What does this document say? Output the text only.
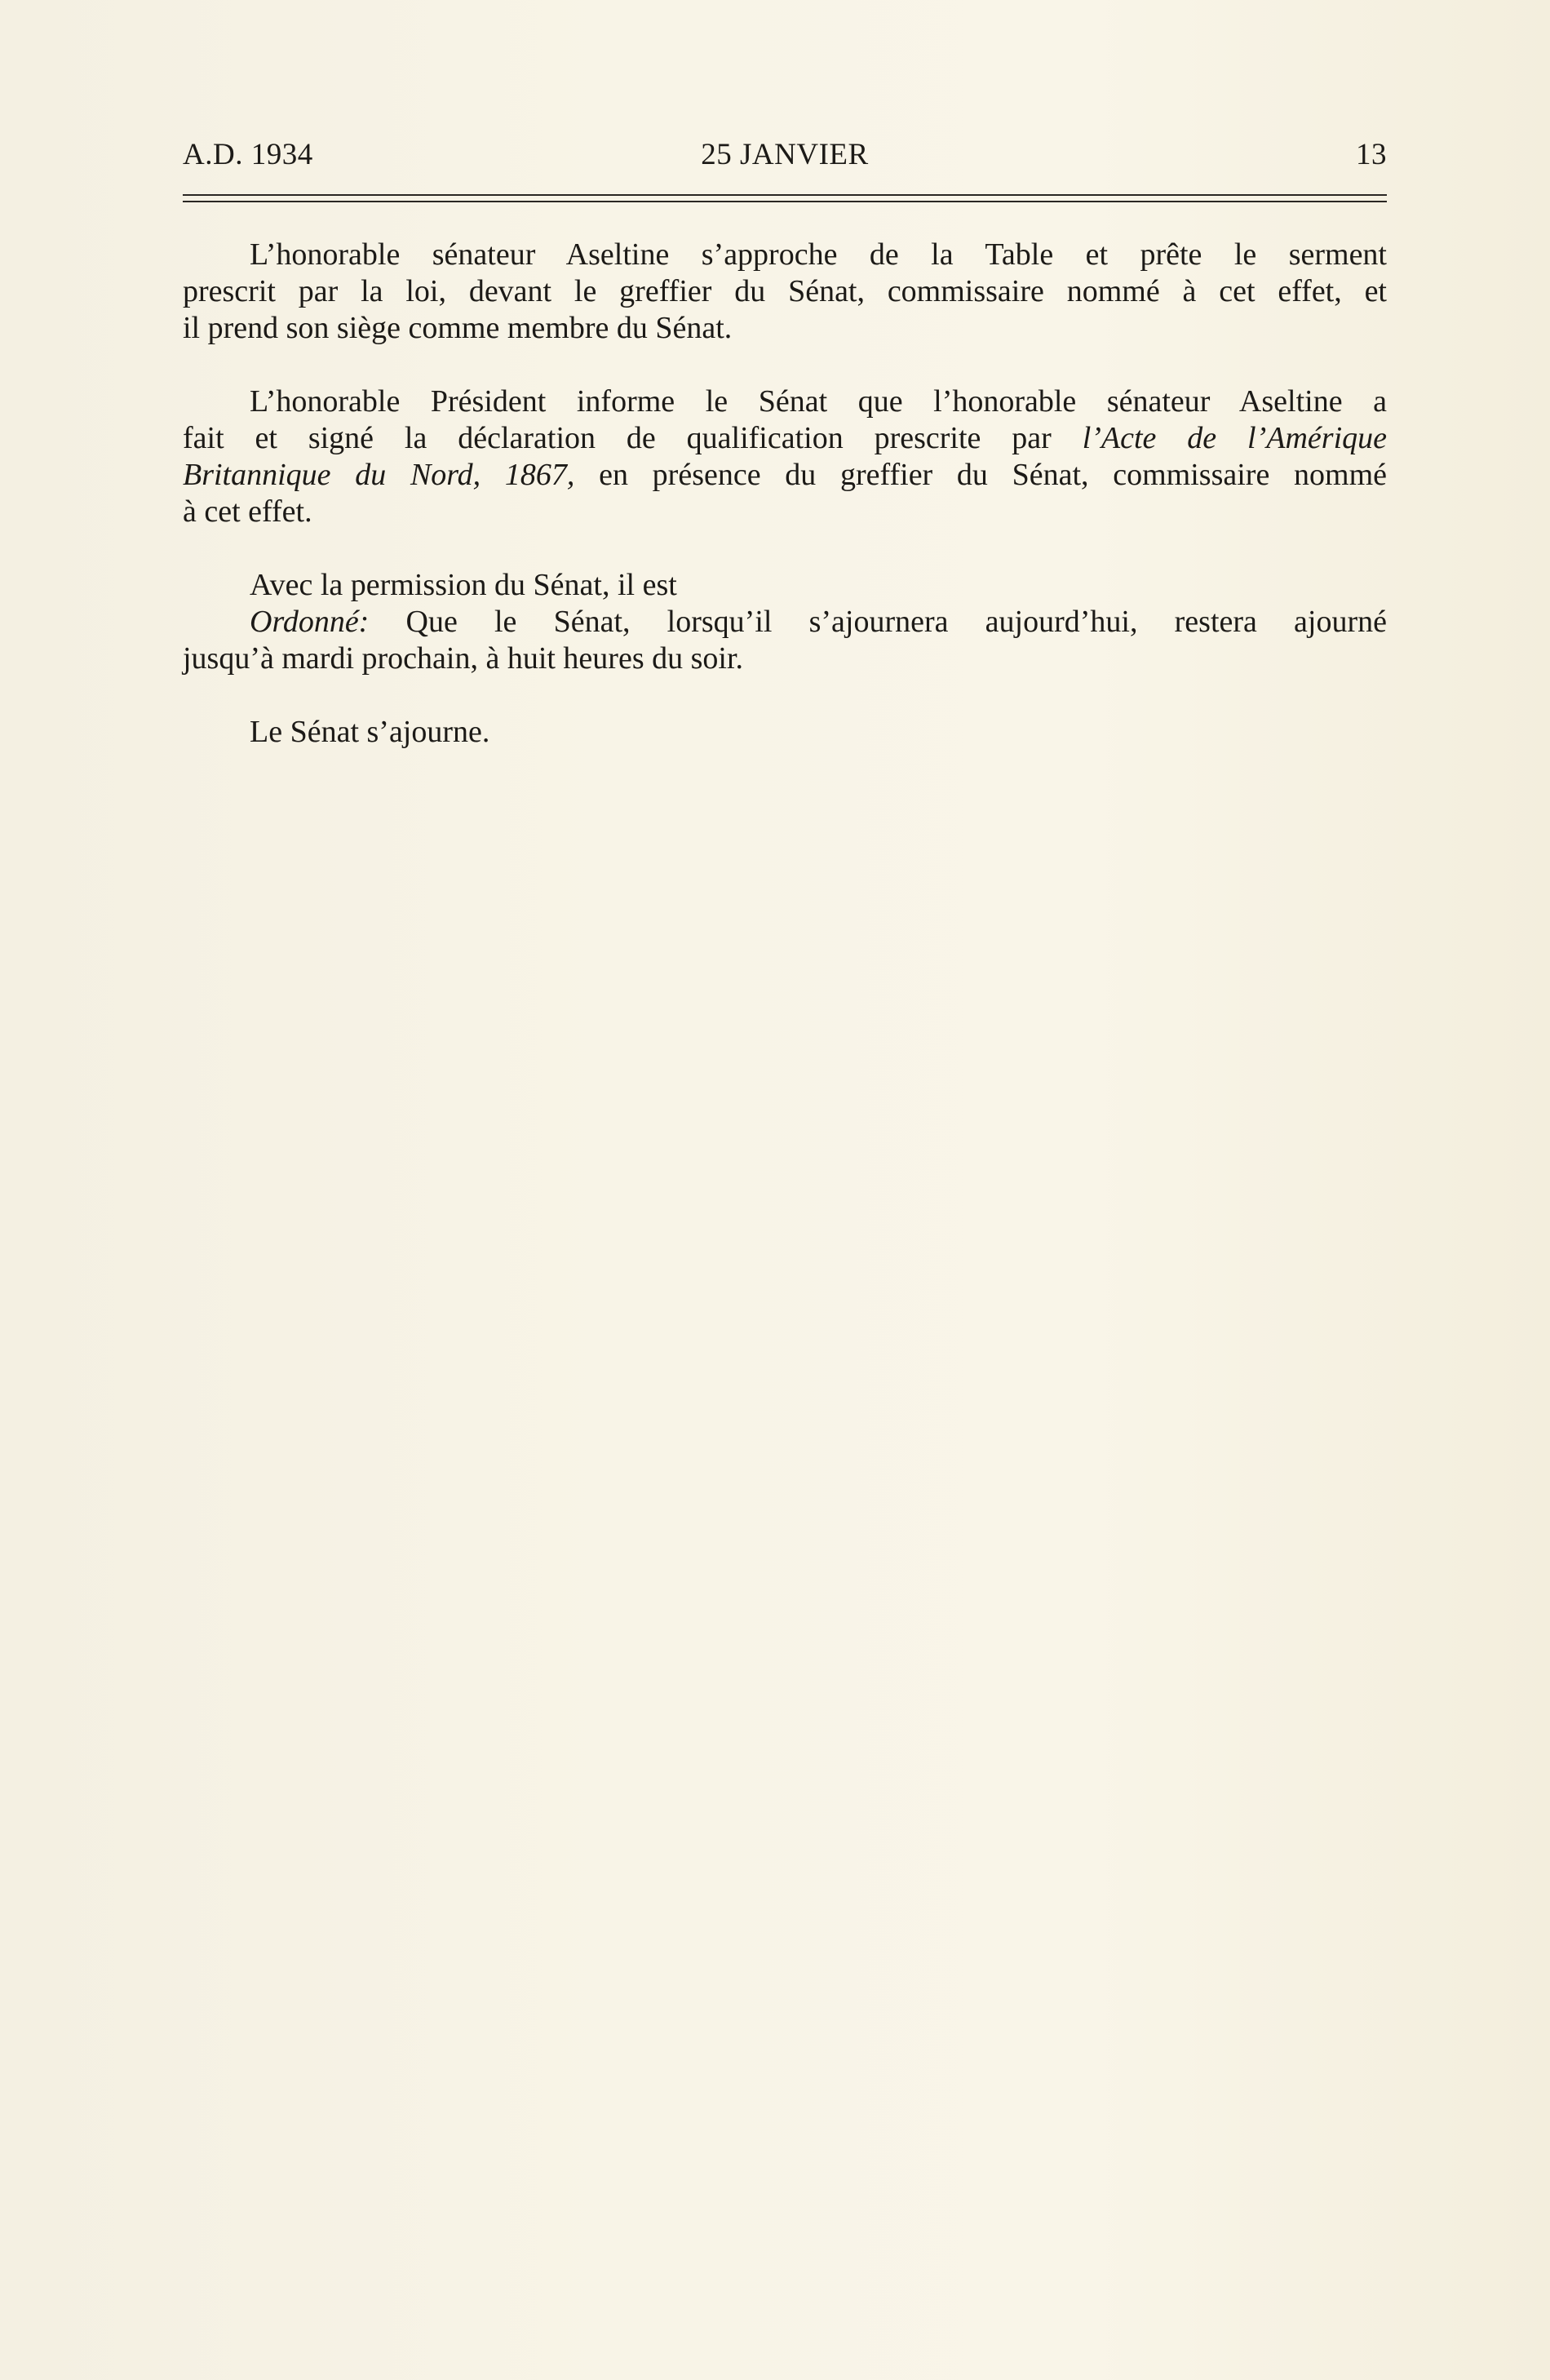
A.D. 1934	25 JANVIER	13
L’honorable sénateur Aseltine s’approche de la Table et prête le serment
prescrit par la loi, devant le greffier du Sénat, commissaire nommé à cet effet, et
il prend son siège comme membre du Sénat.
L’honorable Président informe le Sénat que l’honorable sénateur Aseltine a
fait et signé la déclaration de qualification prescrite par l’Acte de l’Amérique
Britannique du Nord, 1867, en présence du greffier du Sénat, commissaire nommé
à cet effet.
Avec la permission du Sénat, il est
Ordonné: Que le Sénat, lorsqu’il s’ajournera aujourd’hui, restera ajourné
jusqu’à mardi prochain, à huit heures du soir.
Le Sénat s’ajourne.
